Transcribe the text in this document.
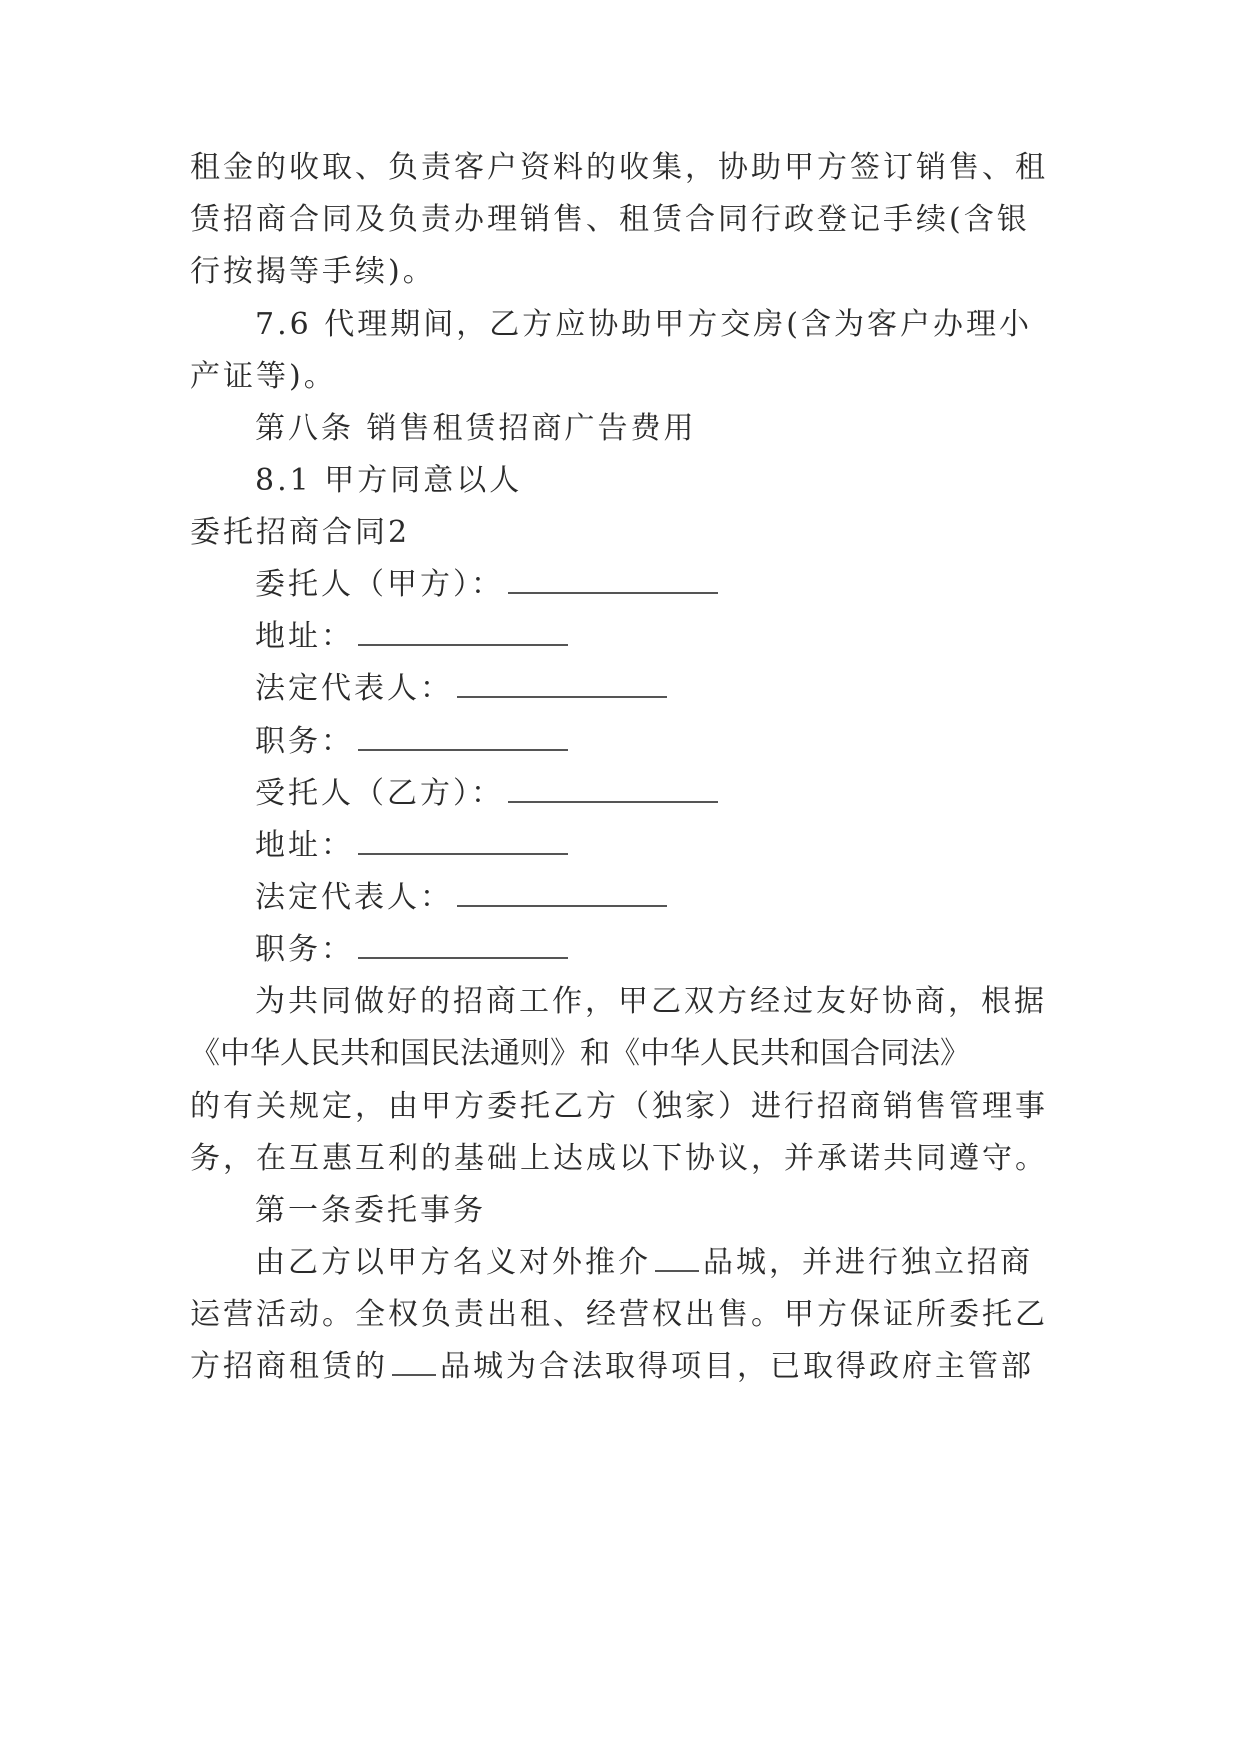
租金的收取、负责客户资料的收集，协助甲方签订销售、租
赁招商合同及负责办理销售、租赁合同行政登记手续(含银
行按揭等手续)。
7.6 代理期间，乙方应协助甲方交房(含为客户办理小
产证等)。
第八条 销售租赁招商广告费用
8.1 甲方同意以人
委托招商合同2
委托人（甲方）：
地址：
法定代表人：
职务：
受托人（乙方）：
地址：
法定代表人：
职务：
为共同做好的招商工作，甲乙双方经过友好协商，根据
《中华人民共和国民法通则》和《中华人民共和国合同法》
的有关规定，由甲方委托乙方（独家）进行招商销售管理事
务，在互惠互利的基础上达成以下协议，并承诺共同遵守。
第一条委托事务
由乙方以甲方名义对外推介 品城，并进行独立招商
运营活动。全权负责出租、经营权出售。甲方保证所委托乙
方招商租赁的 品城为合法取得项目，已取得政府主管部
